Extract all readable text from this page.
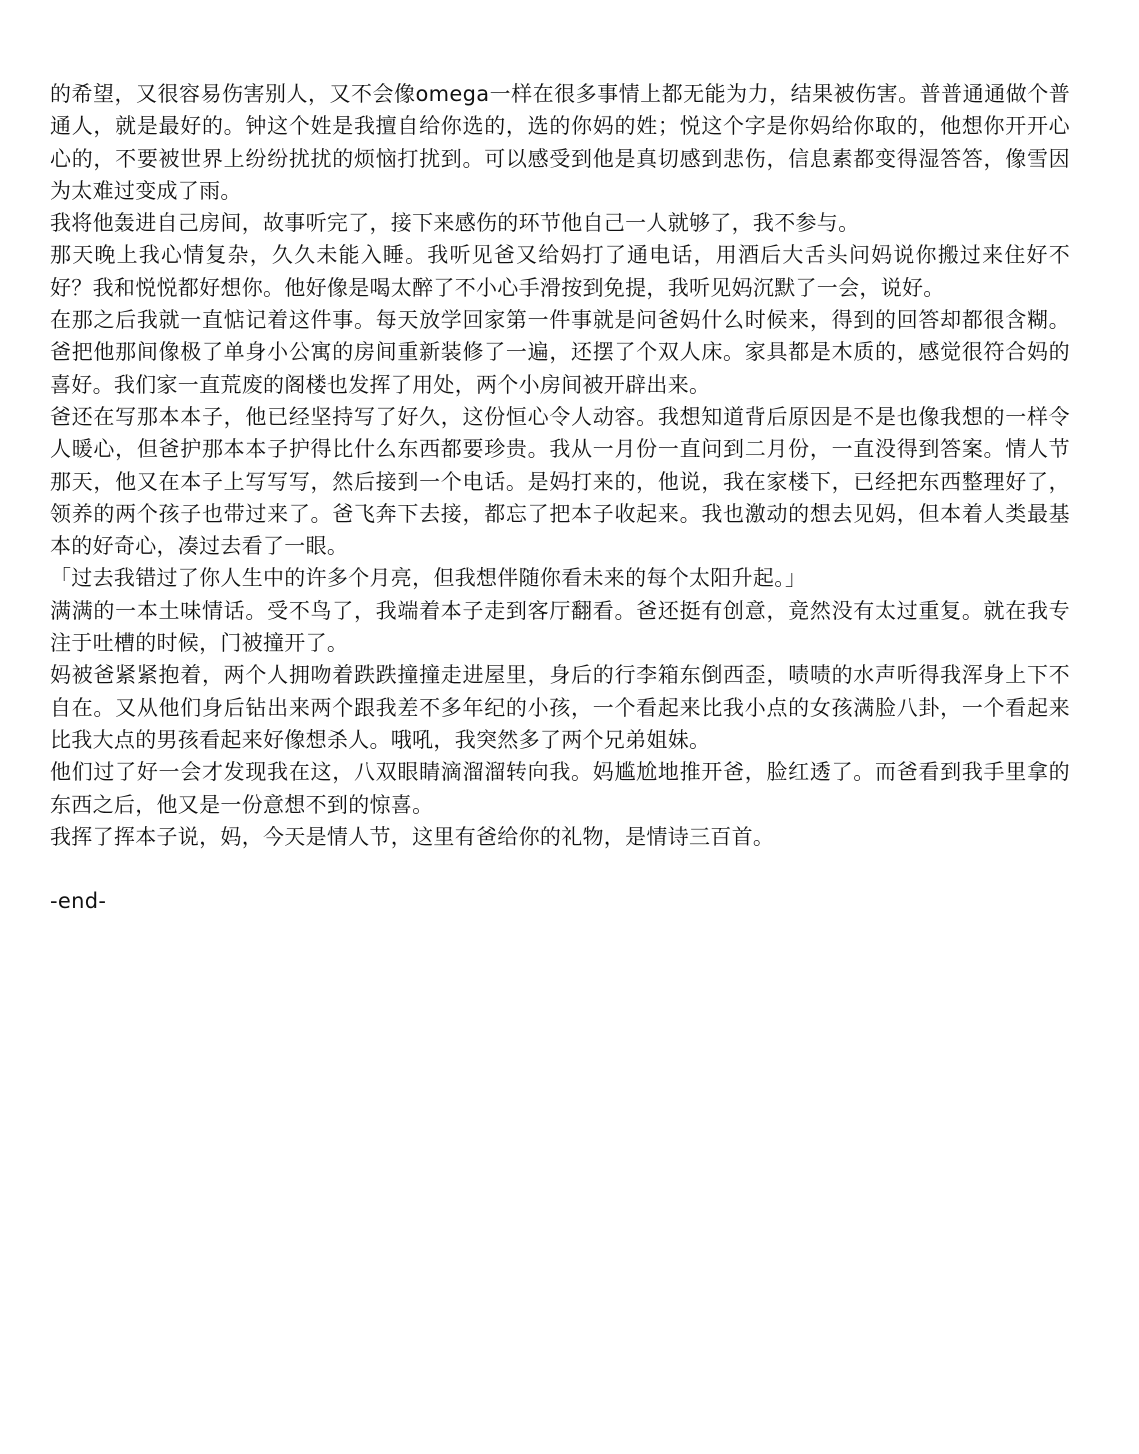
的希望，又很容易伤害别人，又不会像omega一样在很多事情上都无能为力，结果被伤害。普普通通做个普通人，就是最好的。钟这个姓是我擅自给你选的，选的你妈的姓；悦这个字是你妈给你取的，他想你开开心心的，不要被世界上纷纷扰扰的烦恼打扰到。可以感受到他是真切感到悲伤，信息素都变得湿答答，像雪因为太难过变成了雨。

我将他轰进自己房间，故事听完了，接下来感伤的环节他自己一人就够了，我不参与。

那天晚上我心情复杂，久久未能入睡。我听见爸又给妈打了通电话，用酒后大舌头问妈说你搬过来住好不好？我和悦悦都好想你。他好像是喝太醉了不小心手滑按到免提，我听见妈沉默了一会，说好。

在那之后我就一直惦记着这件事。每天放学回家第一件事就是问爸妈什么时候来，得到的回答却都很含糊。爸把他那间像极了单身小公寓的房间重新装修了一遍，还摆了个双人床。家具都是木质的，感觉很符合妈的喜好。我们家一直荒废的阁楼也发挥了用处，两个小房间被开辟出来。

爸还在写那本本子，他已经坚持写了好久，这份恒心令人动容。我想知道背后原因是不是也像我想的一样令人暖心，但爸护那本本子护得比什么东西都要珍贵。我从一月份一直问到二月份，一直没得到答案。情人节那天，他又在本子上写写写，然后接到一个电话。是妈打来的，他说，我在家楼下，已经把东西整理好了，领养的两个孩子也带过来了。爸飞奔下去接，都忘了把本子收起来。我也激动的想去见妈，但本着人类最基本的好奇心，凑过去看了一眼。

「过去我错过了你人生中的许多个月亮，但我想伴随你看未来的每个太阳升起。」

满满的一本土味情话。受不鸟了，我端着本子走到客厅翻看。爸还挺有创意，竟然没有太过重复。就在我专注于吐槽的时候，门被撞开了。

妈被爸紧紧抱着，两个人拥吻着跌跌撞撞走进屋里，身后的行李箱东倒西歪，啧啧的水声听得我浑身上下不自在。又从他们身后钻出来两个跟我差不多年纪的小孩，一个看起来比我小点的女孩满脸八卦，一个看起来比我大点的男孩看起来好像想杀人。哦吼，我突然多了两个兄弟姐妹。

他们过了好一会才发现我在这，八双眼睛滴溜溜转向我。妈尴尬地推开爸，脸红透了。而爸看到我手里拿的东西之后，他又是一份意想不到的惊喜。

我挥了挥本子说，妈，今天是情人节，这里有爸给你的礼物，是情诗三百首。

-end-
